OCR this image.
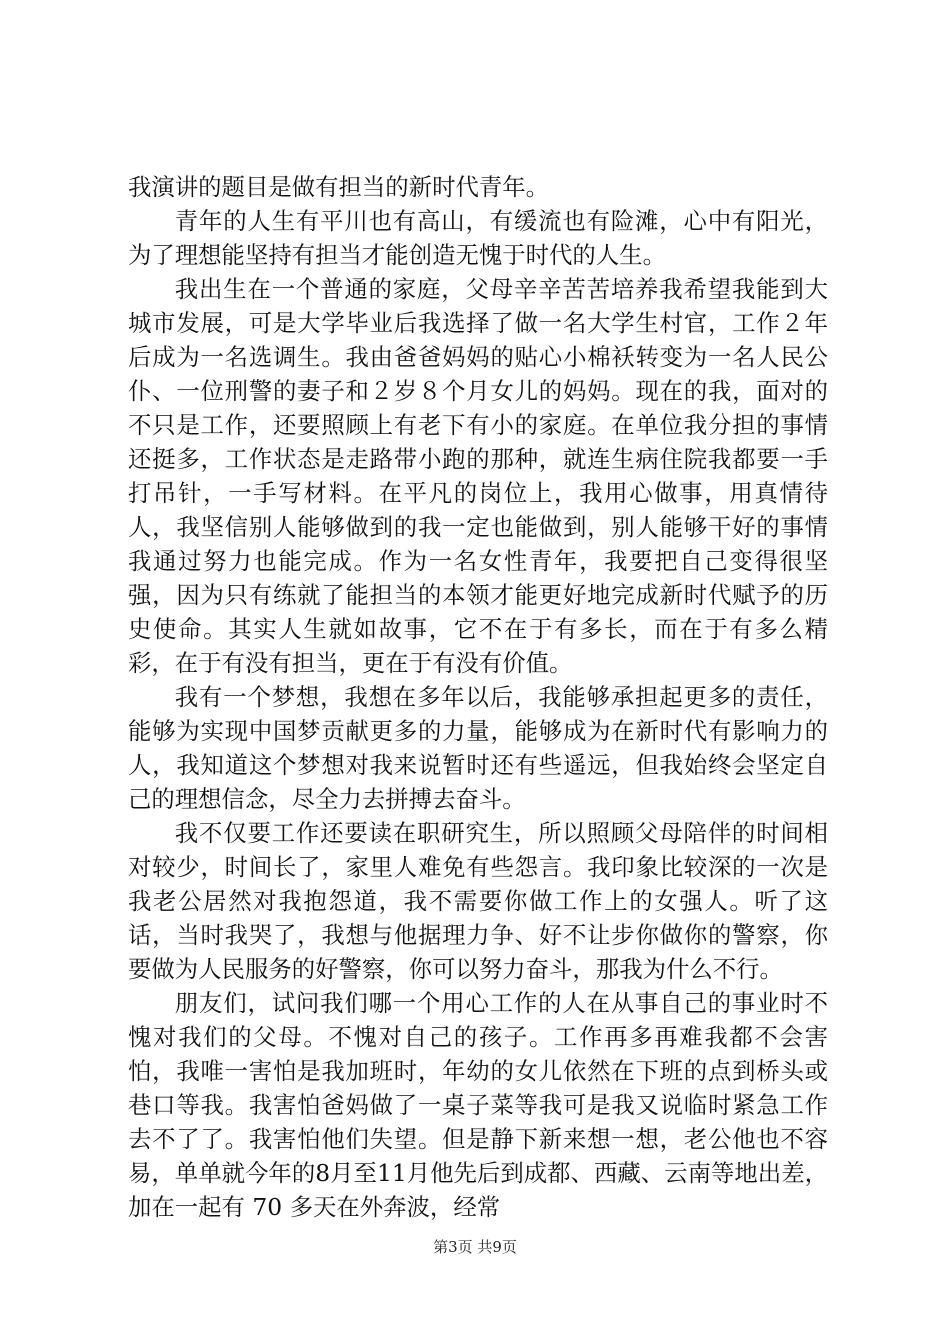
我演讲的题目是做有担当的新时代青年。

青年的人生有平川也有高山，有缓流也有险滩，心中有阳光，为了理想能坚持有担当才能创造无愧于时代的人生。

我出生在一个普通的家庭，父母辛辛苦苦培养我希望我能到大城市发展，可是大学毕业后我选择了做一名大学生村官，工作２年后成为一名选调生。我由爸爸妈妈的贴心小棉袄转变为一名人民公仆、一位刑警的妻子和２岁８个月女儿的妈妈。现在的我，面对的不只是工作，还要照顾上有老下有小的家庭。在单位我分担的事情还挺多，工作状态是走路带小跑的那种，就连生病住院我都要一手打吊针，一手写材料。在平凡的岗位上，我用心做事，用真情待人，我坚信别人能够做到的我一定也能做到，别人能够干好的事情我通过努力也能完成。作为一名女性青年，我要把自己变得很坚强，因为只有练就了能担当的本领才能更好地完成新时代赋予的历史使命。其实人生就如故事，它不在于有多长，而在于有多么精彩，在于有没有担当，更在于有没有价值。

我有一个梦想，我想在多年以后，我能够承担起更多的责任，能够为实现中国梦贡献更多的力量，能够成为在新时代有影响力的人，我知道这个梦想对我来说暂时还有些遥远，但我始终会坚定自己的理想信念，尽全力去拼搏去奋斗。

我不仅要工作还要读在职研究生，所以照顾父母陪伴的时间相对较少，时间长了，家里人难免有些怨言。我印象比较深的一次是我老公居然对我抱怨道，我不需要你做工作上的女强人。听了这话，当时我哭了，我想与他据理力争、好不让步你做你的警察，你要做为人民服务的好警察，你可以努力奋斗，那我为什么不行。

朋友们，试问我们哪一个用心工作的人在从事自己的事业时不愧对我们的父母。不愧对自己的孩子。工作再多再难我都不会害怕，我唯一害怕是我加班时，年幼的女儿依然在下班的点到桥头或巷口等我。我害怕爸妈做了一桌子菜等我可是我又说临时紧急工作去不了了。我害怕他们失望。但是静下新来想一想，老公他也不容易，单单就今年的8月至11月他先后到成都、西藏、云南等地出差，加在一起有 70 多天在外奔波，经常

第3页 共9页
